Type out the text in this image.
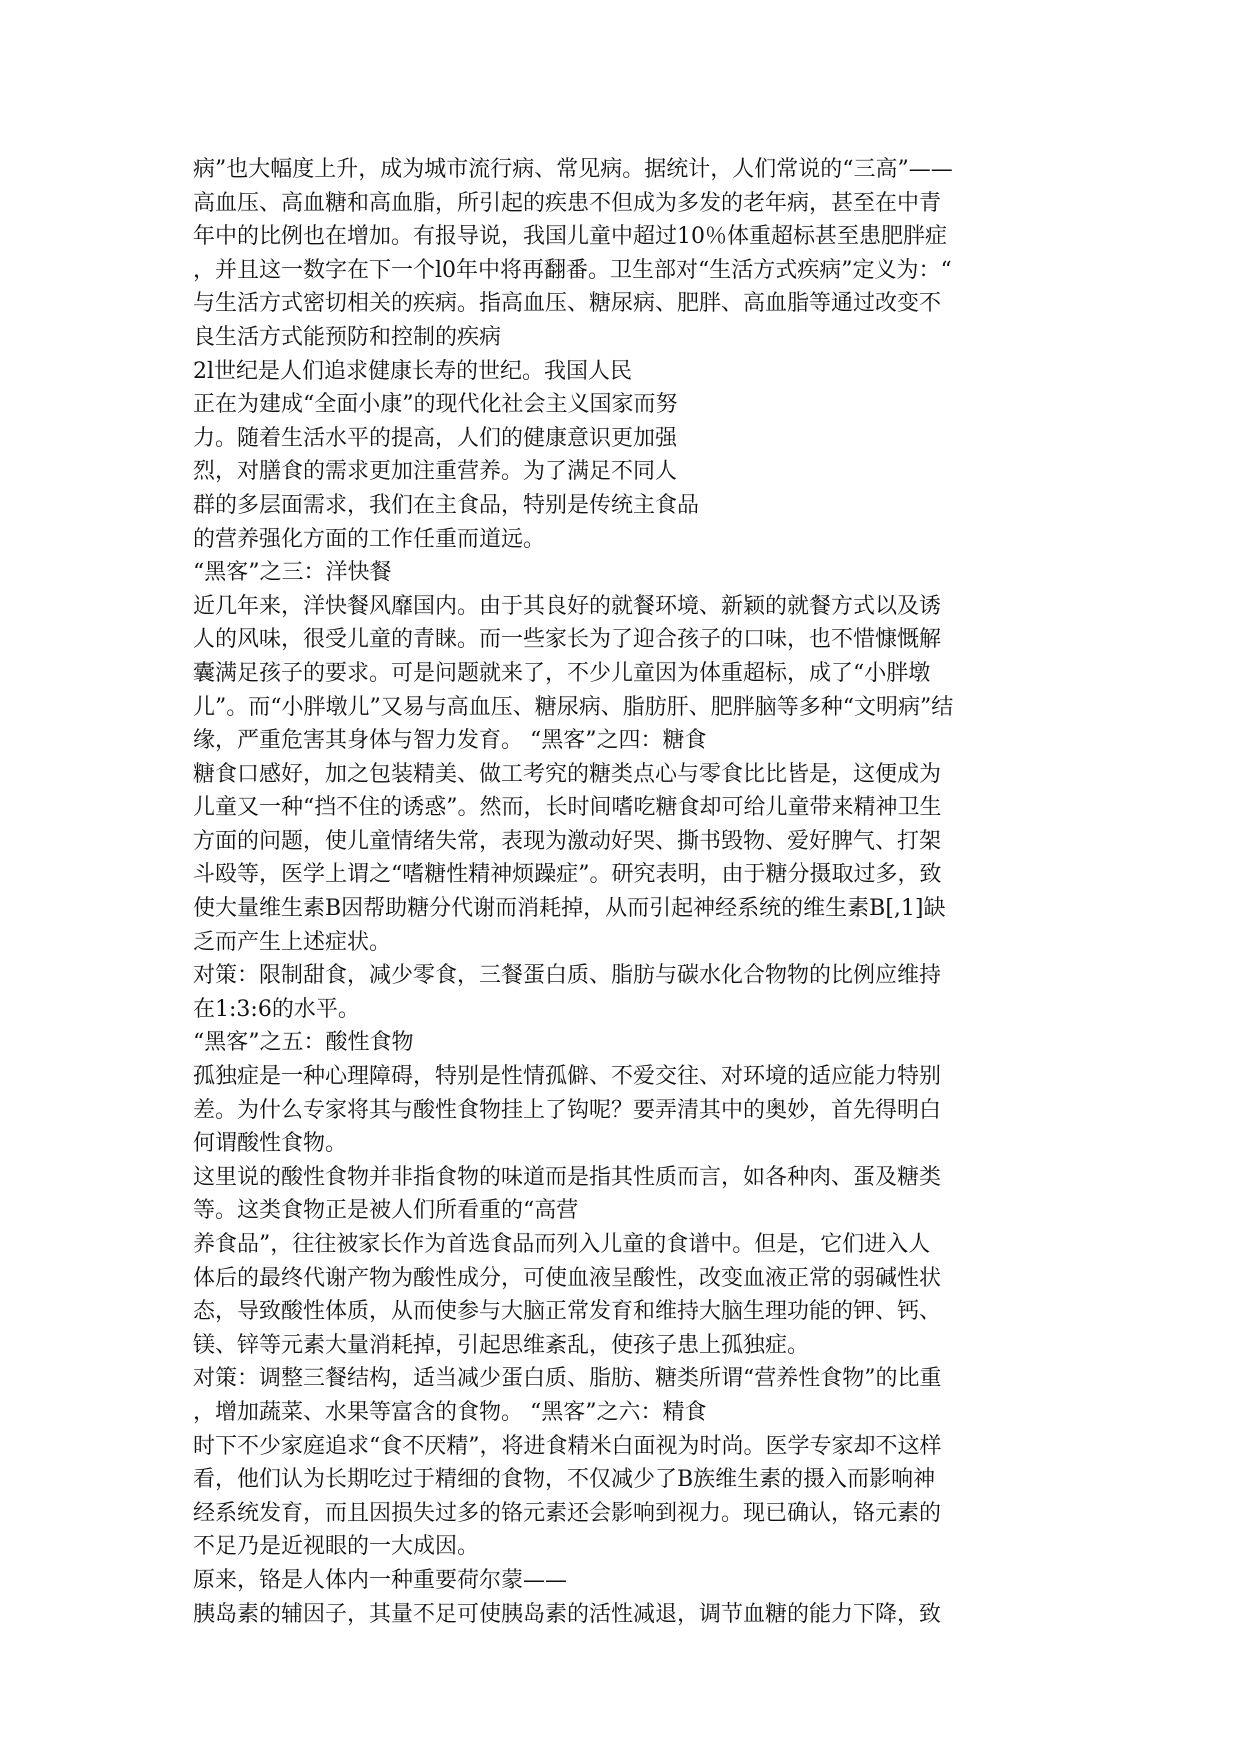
病”也大幅度上升，成为城市流行病、常见病。据统计，人们常说的“三高”——
高血压、高血糖和高血脂，所引起的疾患不但成为多发的老年病，甚至在中青
年中的比例也在增加。有报导说，我国儿童中超过10％体重超标甚至患肥胖症
，并且这一数字在下一个l0年中将再翻番。卫生部对“生活方式疾病”定义为：“
与生活方式密切相关的疾病。指高血压、糖尿病、肥胖、高血脂等通过改变不
良生活方式能预防和控制的疾病
2l世纪是人们追求健康长寿的世纪。我国人民
正在为建成“全面小康”的现代化社会主义国家而努
力。随着生活水平的提高，人们的健康意识更加强
烈，对膳食的需求更加注重营养。为了满足不同人
群的多层面需求，我们在主食品，特别是传统主食品
的营养强化方面的工作任重而道远。
“黑客”之三：洋快餐
近几年来，洋快餐风靡国内。由于其良好的就餐环境、新颖的就餐方式以及诱
人的风味，很受儿童的青睐。而一些家长为了迎合孩子的口味，也不惜慷慨解
囊满足孩子的要求。可是问题就来了，不少儿童因为体重超标，成了“小胖墩
儿”。而“小胖墩儿”又易与高血压、糖尿病、脂肪肝、肥胖脑等多种“文明病”结
缘，严重危害其身体与智力发育。 “黑客”之四：糖食
糖食口感好，加之包装精美、做工考究的糖类点心与零食比比皆是，这便成为
儿童又一种“挡不住的诱惑”。然而，长时间嗜吃糖食却可给儿童带来精神卫生
方面的问题，使儿童情绪失常，表现为激动好哭、撕书毁物、爱好脾气、打架
斗殴等，医学上谓之“嗜糖性精神烦躁症”。研究表明，由于糖分摄取过多，致
使大量维生素B因帮助糖分代谢而消耗掉，从而引起神经系统的维生素B[,1]缺
乏而产生上述症状。
对策：限制甜食，减少零食，三餐蛋白质、脂肪与碳水化合物物的比例应维持
在1:3:6的水平。
“黑客”之五：酸性食物
孤独症是一种心理障碍，特别是性情孤僻、不爱交往、对环境的适应能力特别
差。为什么专家将其与酸性食物挂上了钩呢？要弄清其中的奥妙，首先得明白
何谓酸性食物。
这里说的酸性食物并非指食物的味道而是指其性质而言，如各种肉、蛋及糖类
等。这类食物正是被人们所看重的“高营
养食品”，往往被家长作为首选食品而列入儿童的食谱中。但是，它们进入人
体后的最终代谢产物为酸性成分，可使血液呈酸性，改变血液正常的弱碱性状
态，导致酸性体质，从而使参与大脑正常发育和维持大脑生理功能的钾、钙、
镁、锌等元素大量消耗掉，引起思维紊乱，使孩子患上孤独症。
对策：调整三餐结构，适当减少蛋白质、脂肪、糖类所谓“营养性食物”的比重
，增加蔬菜、水果等富含的食物。 “黑客”之六：精食
时下不少家庭追求“食不厌精”，将进食精米白面视为时尚。医学专家却不这样
看，他们认为长期吃过于精细的食物，不仅减少了B族维生素的摄入而影响神
经系统发育，而且因损失过多的铬元素还会影响到视力。现已确认，铬元素的
不足乃是近视眼的一大成因。
原来，铬是人体内一种重要荷尔蒙——
胰岛素的辅因子，其量不足可使胰岛素的活性减退，调节血糖的能力下降，致
